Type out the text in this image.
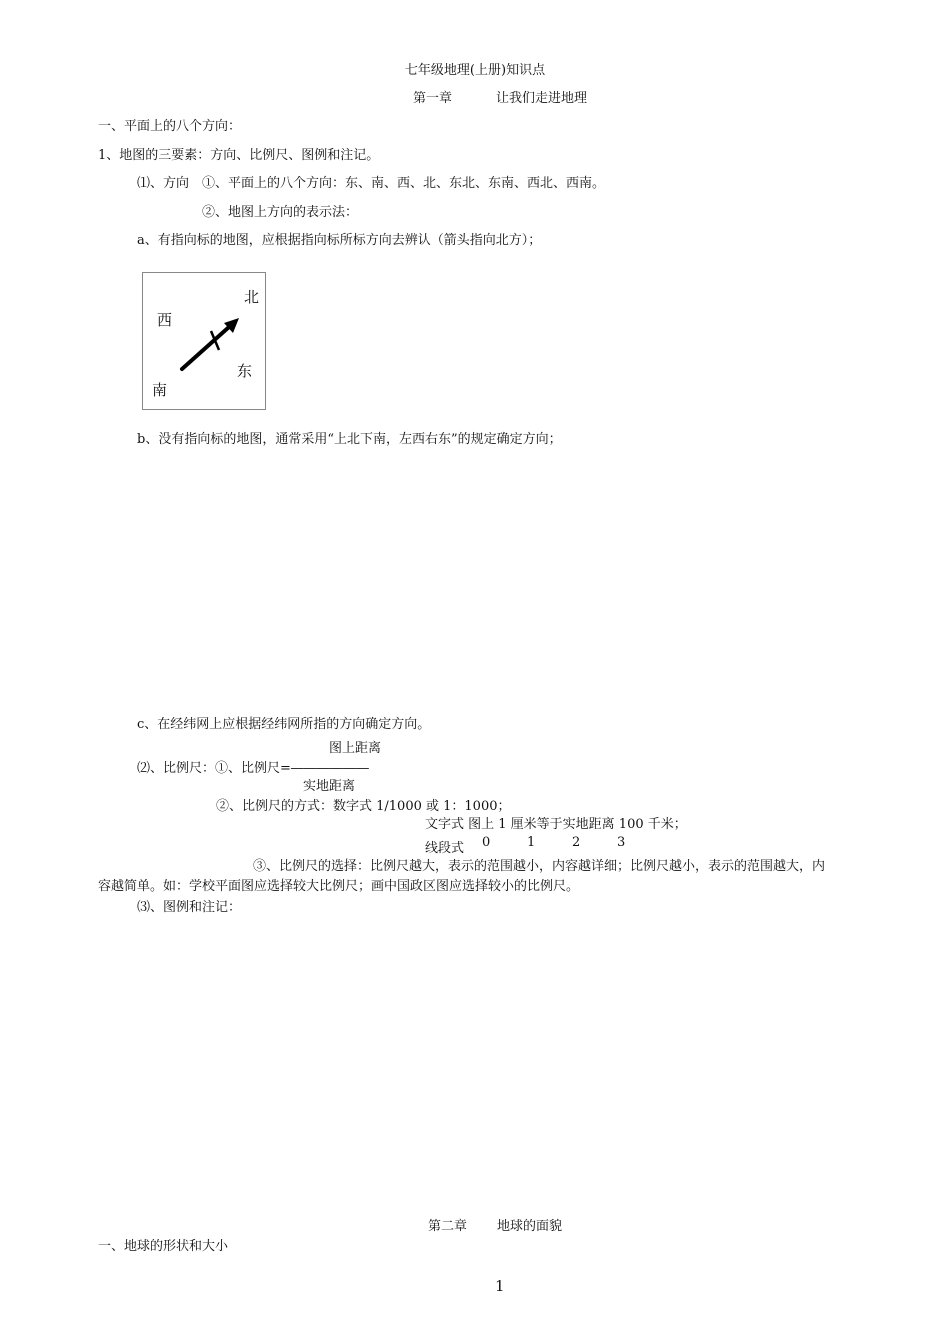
七年级地理(上册)知识点
第一章	让我们走进地理
一、平面上的八个方向：
1、地图的三要素：方向、比例尺、图例和注记。
⑴、方向　①、平面上的八个方向：东、南、西、北、东北、东南、西北、西南。
②、地图上方向的表示法：
a、有指向标的地图，应根据指向标所标方向去辨认（箭头指向北方）；
北
西
东
南
b、没有指向标的地图，通常采用“上北下南，左西右东”的规定确定方向；
c、在经纬网上应根据经纬网所指的方向确定方向。
图上距离
⑵、比例尺：①、比例尺=――――――
实地距离
②、比例尺的方式：数字式 1/1000 或 1：1000；
文字式 图上 1 厘米等于实地距离 100 千米；
0	1	2	3
线段式
③、比例尺的选择：比例尺越大，表示的范围越小，内容越详细；比例尺越小，表示的范围越大，内
容越简单。如：学校平面图应选择较大比例尺；画中国政区图应选择较小的比例尺。
⑶、图例和注记：
第二章 地球的面貌
一、地球的形状和大小
1
